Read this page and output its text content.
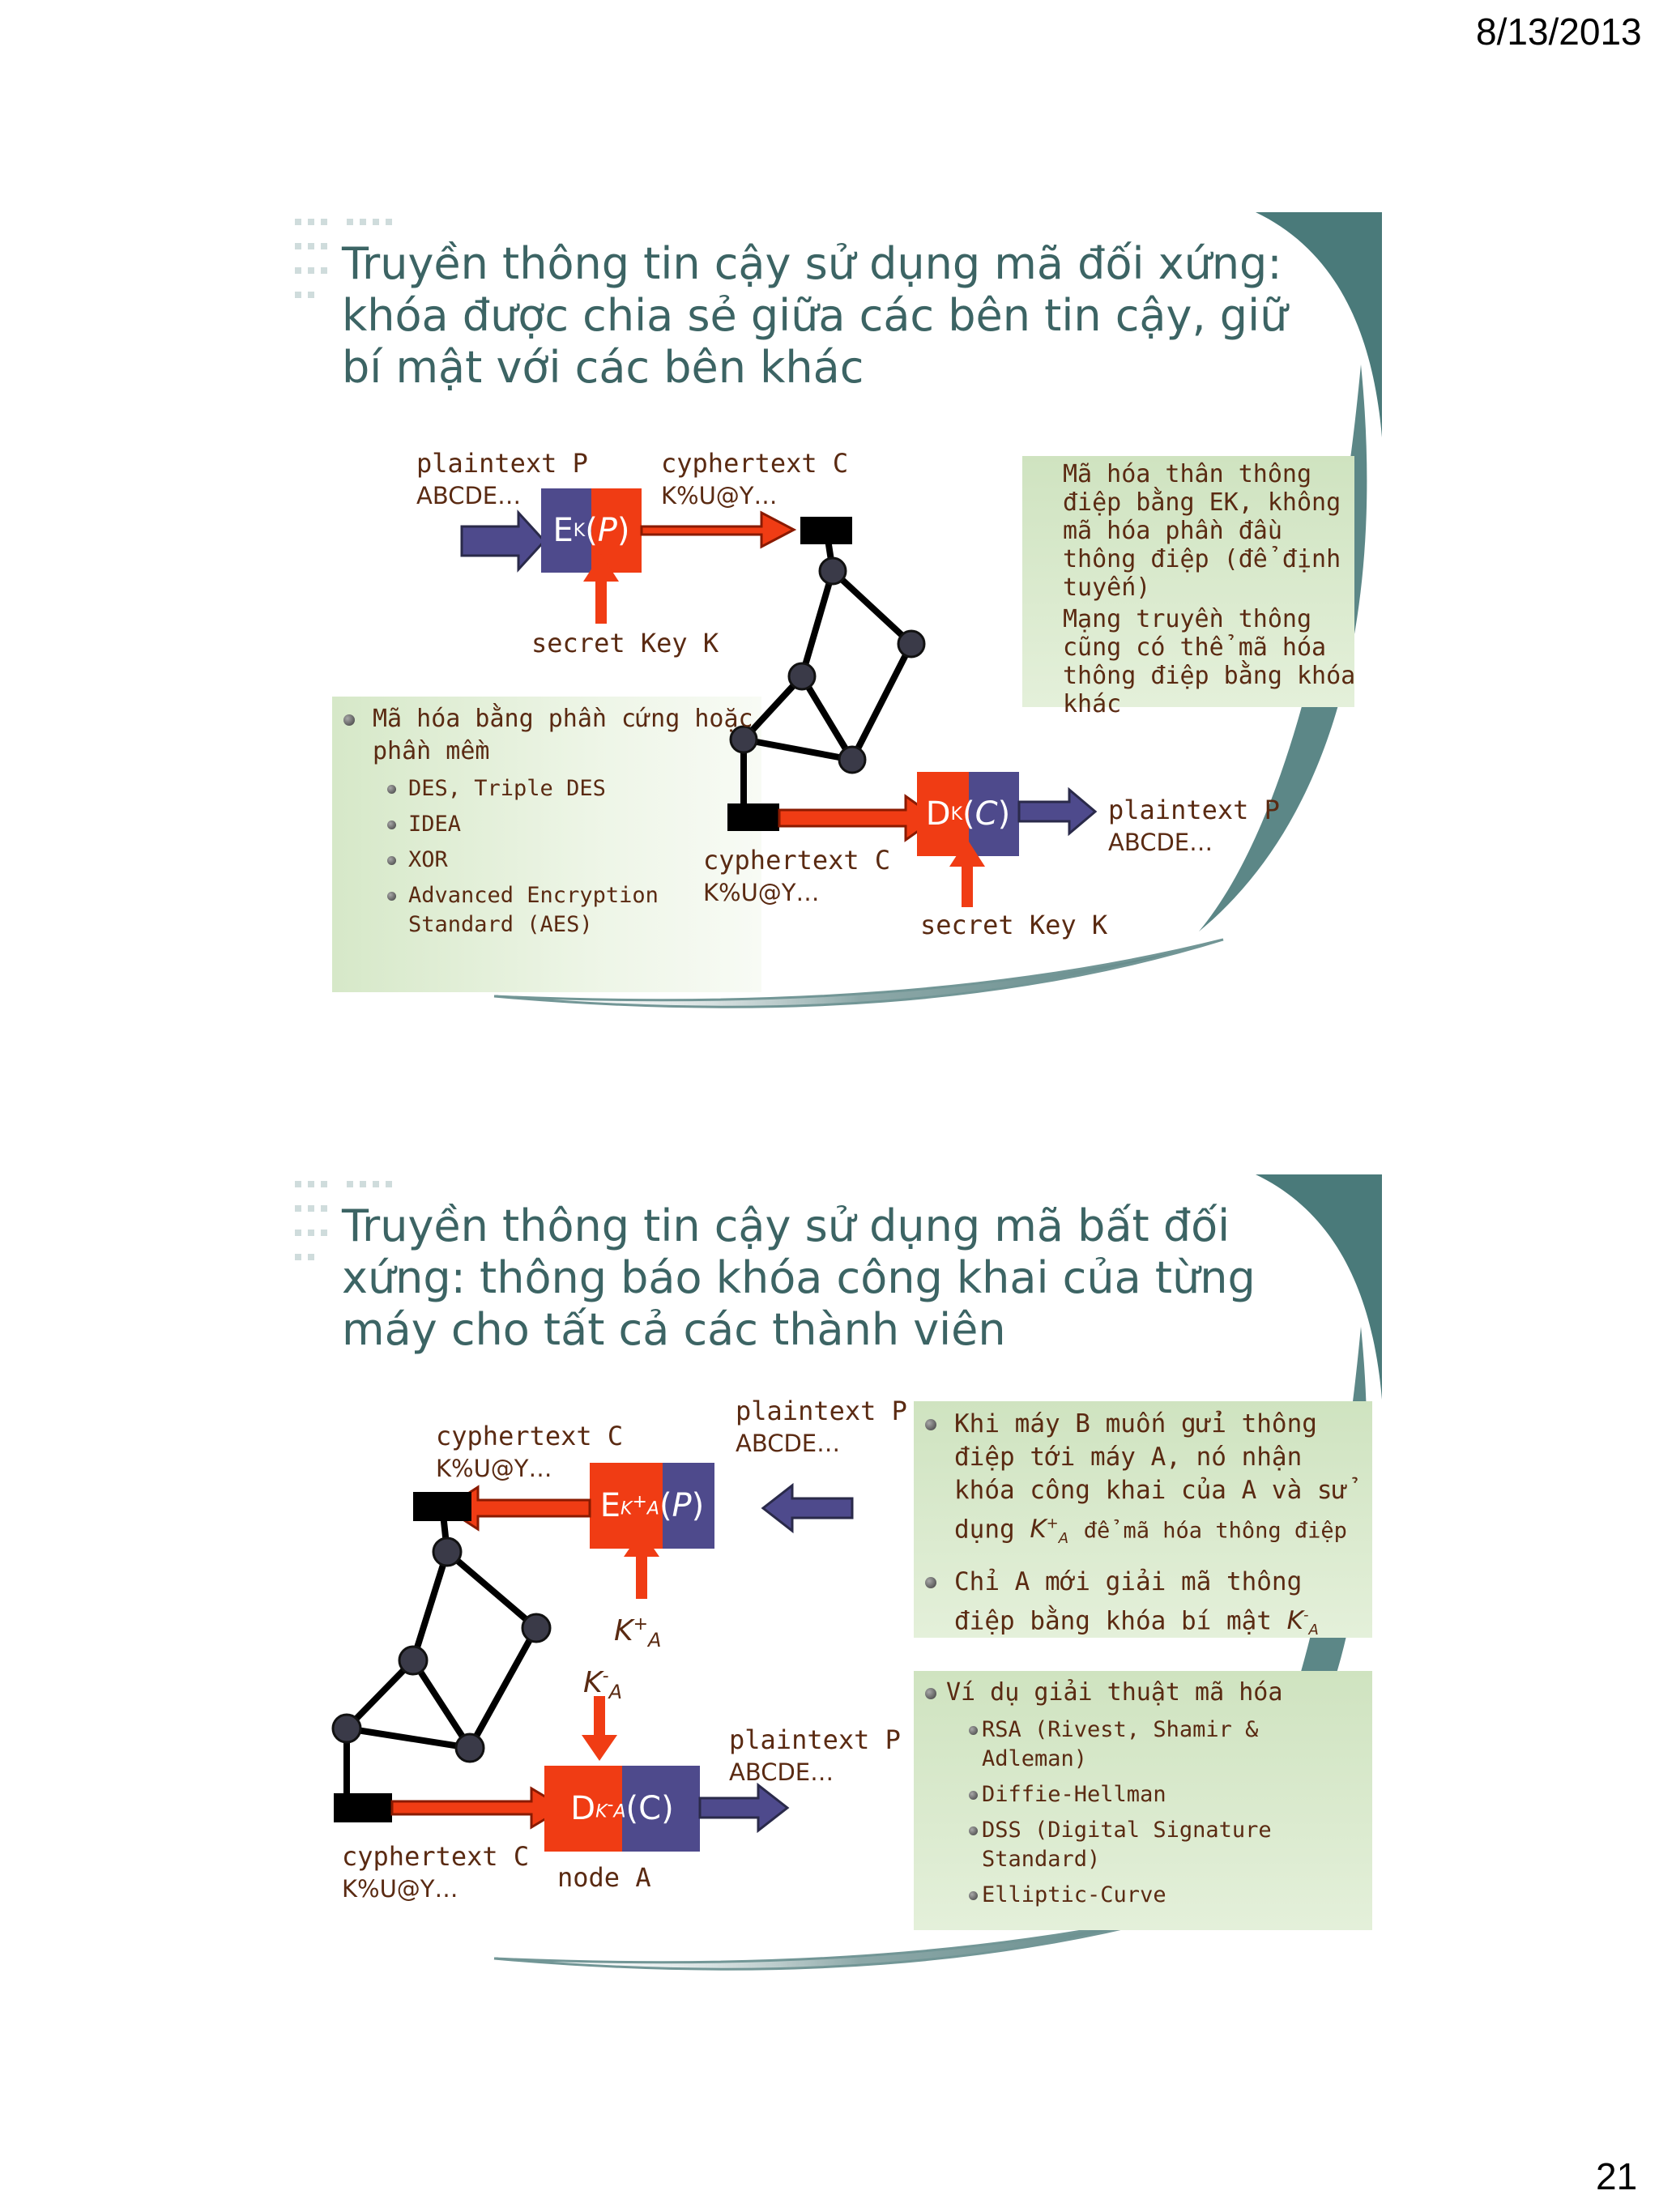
8/13/2013
21
Truyền thông tin cậy sử dụng mã đối xứng:
khóa được chia sẻ giữa các bên tin cậy, giữ
bí mật với các bên khác
E K ( P )
D K ( C )
plaintext P
ABCDE…
cyphertext C
K%U@Y…
secret Key K
cyphertext C
K%U@Y…
plaintext P
ABCDE…
secret Key K
Mã hóa bằng phần cứng hoặc phần mềm
DES, Triple DES
IDEA
XOR
Advanced Encryption Standard (AES)
Mã hóa thân thông điệp bằng EK, không mã hóa phần đầu thông điệp (để định tuyến)
Mạng truyền thông cũng có thể mã hóa thông điệp bằng khóa khác
Truyền thông tin cậy sử dụng mã bất đối
xứng: thông báo khóa công khai của từng
máy cho tất cả các thành viên
E K+A ( P )
D K-A ( C )
$K^+_A$
$K^-_A$
cyphertext C
K%U@Y…
plaintext P
ABCDE…
plaintext P
ABCDE…
cyphertext C
K%U@Y…	node A
Khi máy B muốn gửi thông điệp tới máy A, nó nhận khóa công khai của A và sử dụng $K^+_A$ để mã hóa thông điệp
Chỉ A mới giải mã thông điệp bằng khóa bí mật $K^-_A$
Ví dụ giải thuật mã hóa
RSA (Rivest, Shamir & Adleman)
Diffie-Hellman
DSS (Digital Signature Standard)
Elliptic-Curve
